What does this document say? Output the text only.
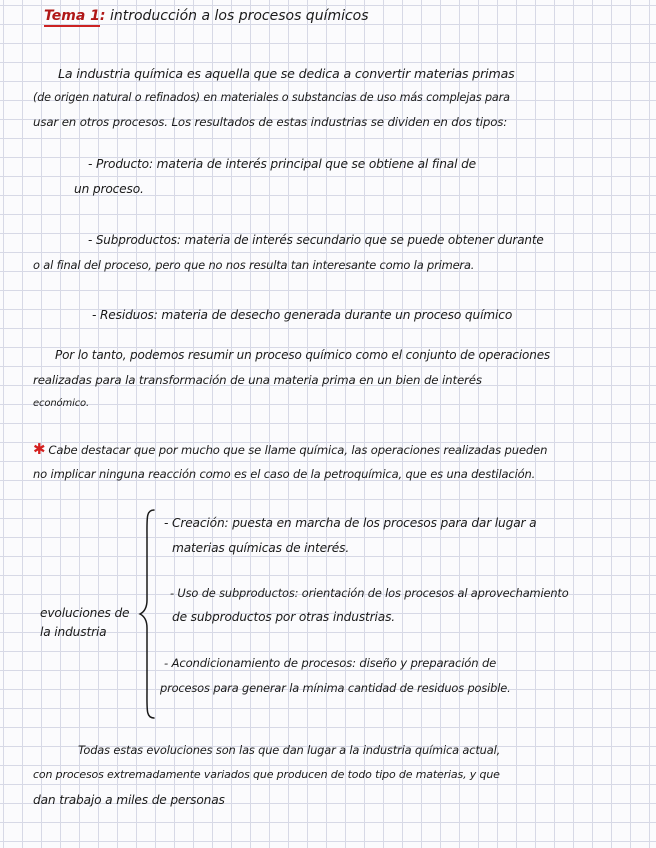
Tema 1: introducción a los procesos químicos
La industria química es aquella que se dedica a convertir materias primas
(de origen natural o refinados) en materiales o substancias de uso más complejas para
usar en otros procesos. Los resultados de estas industrias se dividen en dos tipos:
- Producto: materia de interés principal que se obtiene al final de
un proceso.
- Subproductos: materia de interés secundario que se puede obtener durante
o al final del proceso, pero que no nos resulta tan interesante como la primera.
- Residuos: materia de desecho generada durante un proceso químico
Por lo tanto, podemos resumir un proceso químico como el conjunto de operaciones
realizadas para la transformación de una materia prima en un bien de interés
económico.
✱ Cabe destacar que por mucho que se llame química, las operaciones realizadas pueden
no implicar ninguna reacción como es el caso de la petroquímica, que es una destilación.
evoluciones de
la industria
- Creación: puesta en marcha de los procesos para dar lugar a
materias químicas de interés.
- Uso de subproductos: orientación de los procesos al aprovechamiento
de subproductos por otras industrias.
- Acondicionamiento de procesos: diseño y preparación de
procesos para generar la mínima cantidad de residuos posible.
Todas estas evoluciones son las que dan lugar a la industria química actual,
con procesos extremadamente variados que producen de todo tipo de materias, y que
dan trabajo a miles de personas
